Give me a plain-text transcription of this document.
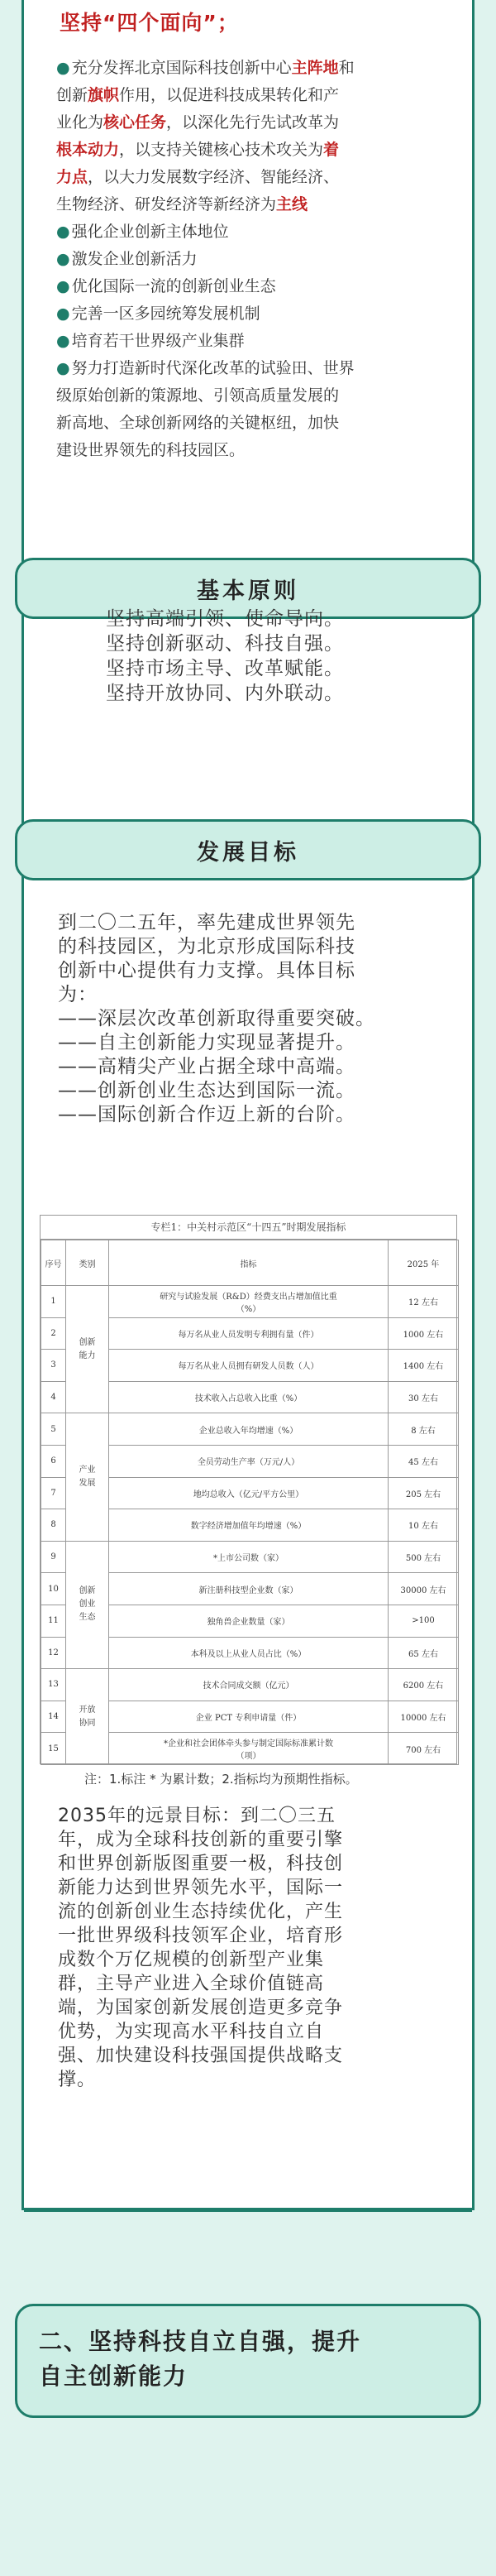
坚持“四个面向”；
● 充分发挥北京国际科技创新中心主阵地和
创新旗帜作用，以促进科技成果转化和产
业化为核心任务，以深化先行先试改革为
根本动力，以支持关键核心技术攻关为着
力点，以大力发展数字经济、智能经济、
生物经济、研发经济等新经济为主线
● 强化企业创新主体地位
● 激发企业创新活力
● 优化国际一流的创新创业生态
● 完善一区多园统筹发展机制
● 培育若干世界级产业集群
● 努力打造新时代深化改革的试验田、世界
级原始创新的策源地、引领高质量发展的
新高地、全球创新网络的关键枢纽，加快
建设世界领先的科技园区。
基本原则
坚持高端引领、使命导向。
坚持创新驱动、科技自强。
坚持市场主导、改革赋能。
坚持开放协同、内外联动。
发展目标
到二〇二五年，率先建成世界领先
的科技园区，为北京形成国际科技
创新中心提供有力支撑。具体目标
为：
——深层次改革创新取得重要突破。
——自主创新能力实现显著提升。
——高精尖产业占据全球中高端。
——创新创业生态达到国际一流。
——国际创新合作迈上新的台阶。
专栏1：中关村示范区“十四五”时期发展指标
序号	类别	指标	2025 年
1	创新能力	研究与试验发展（R&D）经费支出占增加值比重（%）	12 左右
2		每万名从业人员发明专利拥有量（件）	1000 左右
3		每万名从业人员拥有研发人员数（人）	1400 左右
4		技术收入占总收入比重（%）	30 左右
5	产业发展	企业总收入年均增速（%）	8 左右
6		全员劳动生产率（万元/人）	45 左右
7		地均总收入（亿元/平方公里）	205 左右
8		数字经济增加值年均增速（%）	10 左右
9	创新创业生态	*上市公司数（家）	500 左右
10		新注册科技型企业数（家）	30000 左右
11		独角兽企业数量（家）	>100
12		本科及以上从业人员占比（%）	65 左右
13	开放协同	技术合同成交额（亿元）	6200 左右
14		企业 PCT 专利申请量（件）	10000 左右
15		*企业和社会团体牵头参与制定国际标准累计数（项）	700 左右
注：1.标注 * 为累计数；2.指标均为预期性指标。
2035年的远景目标：到二〇三五
年，成为全球科技创新的重要引擎
和世界创新版图重要一极，科技创
新能力达到世界领先水平，国际一
流的创新创业生态持续优化，产生
一批世界级科技领军企业，培育形
成数个万亿规模的创新型产业集
群，主导产业进入全球价值链高
端，为国家创新发展创造更多竞争
优势，为实现高水平科技自立自
强、加快建设科技强国提供战略支
撑。
二、坚持科技自立自强，提升
自主创新能力
